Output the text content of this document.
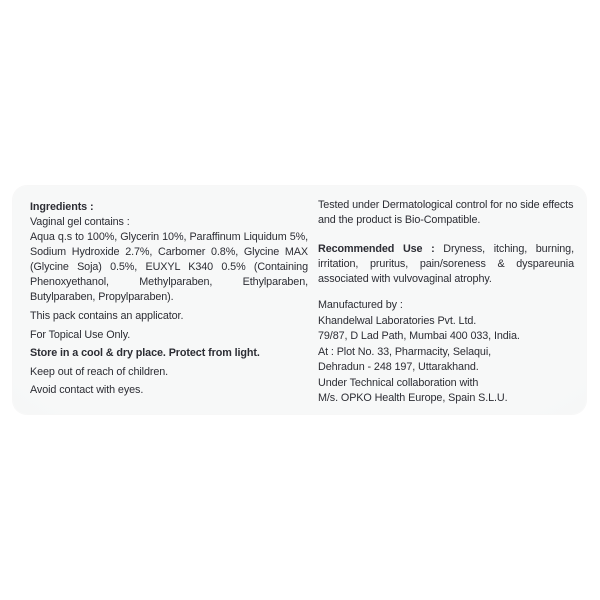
Ingredients :
Vaginal gel contains :

Aqua q.s to 100%, Glycerin 10%, Paraffinum Liquidum 5%, Sodium Hydroxide 2.7%, Carbomer 0.8%, Glycine MAX (Glycine Soja) 0.5%, EUXYL K340 0.5% (Containing Phenoxyethanol, Methylparaben, Ethylparaben, Butylparaben, Propylparaben).

This pack contains an applicator.
For Topical Use Only.
Store in a cool & dry place. Protect from light.
Keep out of reach of children.
Avoid contact with eyes.

Tested under Dermatological control for no side effects and the product is Bio-Compatible.

Recommended Use : Dryness, itching, burning, irritation, pruritus, pain/soreness & dyspareunia associated with vulvovaginal atrophy.

Manufactured by :
Khandelwal Laboratories Pvt. Ltd.
79/87, D Lad Path, Mumbai 400 033, India.
At : Plot No. 33, Pharmacity, Selaqui,
Dehradun - 248 197, Uttarakhand.
Under Technical collaboration with
M/s. OPKO Health Europe, Spain S.L.U.
